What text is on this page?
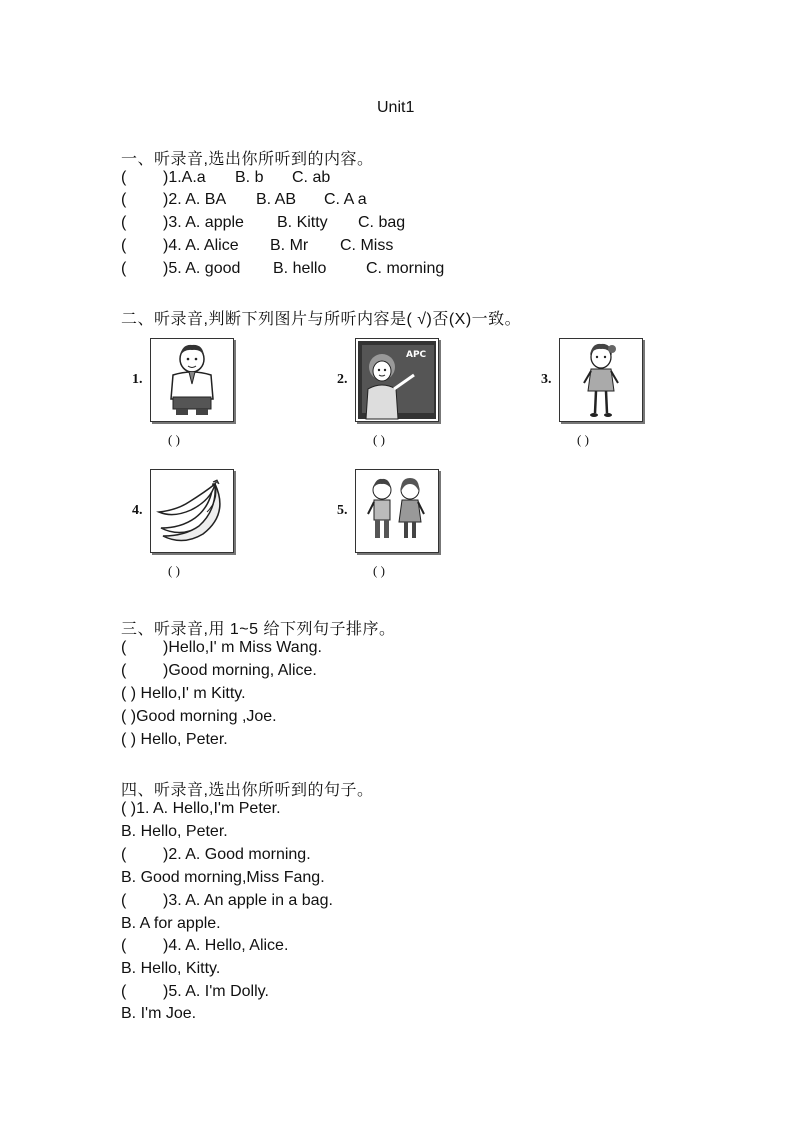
Unit1
一、听录音,选出你所听到的内容。
( )1.A.a B. b C. ab
( )2. A. BA B. AB C. A a
( )3. A. apple B. Kitty C. bag
( )4. A. Alice B. Mr C. Miss
( )5. A. good B. hello C. morning
二、听录音,判断下列图片与所听内容是( √)否(X)一致。
1.
( )
2.
APC
( )
3.
( )
4.
( )
5.
( )
三、听录音,用 1~5 给下列句子排序。
( )Hello,I' m Miss Wang.
( )Good morning, Alice.
( ) Hello,I' m Kitty.
( )Good morning ,Joe.
( ) Hello, Peter.
四、听录音,选出你所听到的句子。
( )1. A. Hello,I'm Peter.
B. Hello, Peter.
( )2. A. Good morning.
B. Good morning,Miss Fang.
( )3. A. An apple in a bag.
B. A for apple.
( )4. A. Hello, Alice.
B. Hello, Kitty.
( )5. A. I'm Dolly.
B. I'm Joe.
